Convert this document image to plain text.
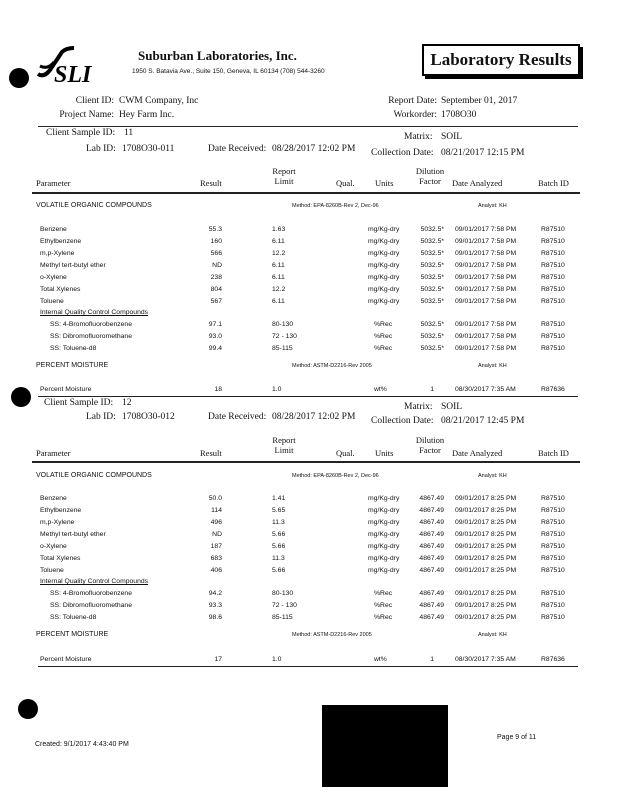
SLI
Suburban Laboratories, Inc.
1950 S. Batavia Ave., Suite 150, Geneva, IL 60134 (708) 544-3260
Laboratory Results
Client ID: CWM Company, Inc
Project Name: Hey Farm Inc.
Report Date: September 01, 2017
Workorder: 1708O30
Client Sample ID: 11
Lab ID: 1708O30-011	Date Received: 08/28/2017 12:02 PM
Matrix: SOIL
Collection Date: 08/21/2017 12:15 PM
Parameter	Result
Report Limit	Qual. Units
Dilution Factor	Date Analyzed	Batch ID
VOLATILE ORGANIC COMPOUNDS	Method: EPA-8260B-Rev 2, Dec-96	Analyst: KH
Benzene	55.3	1.63	mg/Kg-dry	5032.5* 09/01/2017 7:58 PM	R87510
Ethylbenzene	160	6.11	mg/Kg-dry	5032.5* 09/01/2017 7:58 PM	R87510
m,p-Xylene	566	12.2	mg/Kg-dry	5032.5* 09/01/2017 7:58 PM	R87510
Methyl tert-butyl ether	ND	6.11	mg/Kg-dry	5032.5* 09/01/2017 7:58 PM	R87510
o-Xylene	238	6.11	mg/Kg-dry	5032.5* 09/01/2017 7:58 PM	R87510
Total Xylenes	804	12.2	mg/Kg-dry	5032.5* 09/01/2017 7:58 PM	R87510
Toluene	567	6.11	mg/Kg-dry	5032.5* 09/01/2017 7:58 PM	R87510
Internal Quality Control Compounds
SS: 4-Bromofluorobenzene	97.1	80-130	%Rec	5032.5* 09/01/2017 7:58 PM	R87510
SS: Dibromofluoromethane	93.0	72 - 130	%Rec	5032.5* 09/01/2017 7:58 PM	R87510
SS: Toluene-d8	99.4	85-115	%Rec	5032.5* 09/01/2017 7:58 PM	R87510
PERCENT MOISTURE	Method: ASTM-D2216-Rev 2005	Analyst: KH
Percent Moisture	18	1.0	wt%	1	08/30/2017 7:35 AM	R87636
Client Sample ID: 12
Lab ID: 1708O30-012	Date Received: 08/28/2017 12:02 PM
Matrix: SOIL
Collection Date: 08/21/2017 12:45 PM
Parameter	Result
Report Limit	Qual. Units
Dilution Factor	Date Analyzed	Batch ID
VOLATILE ORGANIC COMPOUNDS	Method: EPA-8260B-Rev 2, Dec-96	Analyst: KH
Benzene	50.0	1.41	mg/Kg-dry	4867.49 09/01/2017 8:25 PM	R87510
Ethylbenzene	114	5.65	mg/Kg-dry	4867.49 09/01/2017 8:25 PM	R87510
m,p-Xylene	496	11.3	mg/Kg-dry	4867.49 09/01/2017 8:25 PM	R87510
Methyl tert-butyl ether	ND	5.66	mg/Kg-dry	4867.49 09/01/2017 8:25 PM	R87510
o-Xylene	187	5.66	mg/Kg-dry	4867.49 09/01/2017 8:25 PM	R87510
Total Xylenes	683	11.3	mg/Kg-dry	4867.49 09/01/2017 8:25 PM	R87510
Toluene	406	5.66	mg/Kg-dry	4867.49 09/01/2017 8:25 PM	R87510
Internal Quality Control Compounds
SS: 4-Bromofluorobenzene	94.2	80-130	%Rec	4867.49 09/01/2017 8:25 PM	R87510
SS: Dibromofluoromethane	93.3	72 - 130	%Rec	4867.49 09/01/2017 8:25 PM	R87510
SS: Toluene-d8	98.6	85-115	%Rec	4867.49 09/01/2017 8:25 PM	R87510
PERCENT MOISTURE	Method: ASTM-D2216-Rev 2005	Analyst: KH
Percent Moisture	17	1.0	wt%	1	08/30/2017 7:35 AM	R87636
Created: 9/1/2017 4:43:40 PM
Page 9 of 11
